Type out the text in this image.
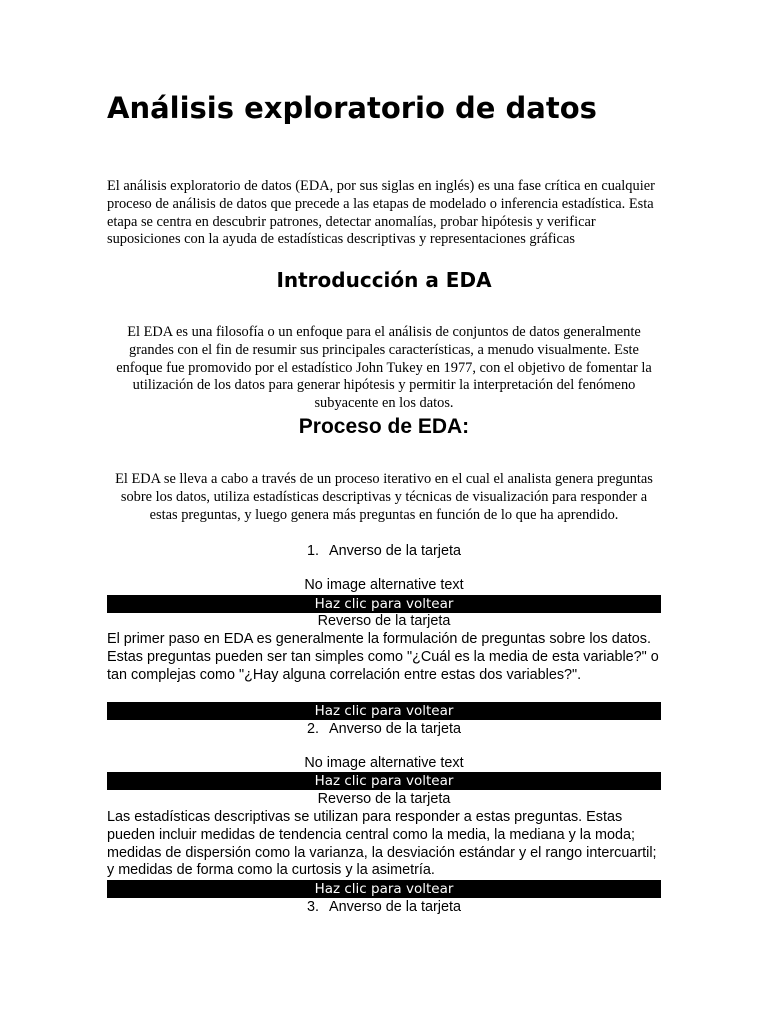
Análisis exploratorio de datos

El análisis exploratorio de datos (EDA, por sus siglas en inglés) es una fase crítica en cualquier proceso de análisis de datos que precede a las etapas de modelado o inferencia estadística. Esta etapa se centra en descubrir patrones, detectar anomalías, probar hipótesis y verificar suposiciones con la ayuda de estadísticas descriptivas y representaciones gráficas

Introducción a EDA

El EDA es una filosofía o un enfoque para el análisis de conjuntos de datos generalmente grandes con el fin de resumir sus principales características, a menudo visualmente. Este enfoque fue promovido por el estadístico John Tukey en 1977, con el objetivo de fomentar la utilización de los datos para generar hipótesis y permitir la interpretación del fenómeno subyacente en los datos.

Proceso de EDA:

El EDA se lleva a cabo a través de un proceso iterativo en el cual el analista genera preguntas sobre los datos, utiliza estadísticas descriptivas y técnicas de visualización para responder a estas preguntas, y luego genera más preguntas en función de lo que ha aprendido.

1. Anverso de la tarjeta
No image alternative text
Haz clic para voltear
Reverso de la tarjeta

El primer paso en EDA es generalmente la formulación de preguntas sobre los datos. Estas preguntas pueden ser tan simples como "¿Cuál es la media de esta variable?" o tan complejas como "¿Hay alguna correlación entre estas dos variables?".

Haz clic para voltear
2. Anverso de la tarjeta
No image alternative text
Haz clic para voltear
Reverso de la tarjeta

Las estadísticas descriptivas se utilizan para responder a estas preguntas. Estas pueden incluir medidas de tendencia central como la media, la mediana y la moda; medidas de dispersión como la varianza, la desviación estándar y el rango intercuartil; y medidas de forma como la curtosis y la asimetría.

Haz clic para voltear
3. Anverso de la tarjeta
